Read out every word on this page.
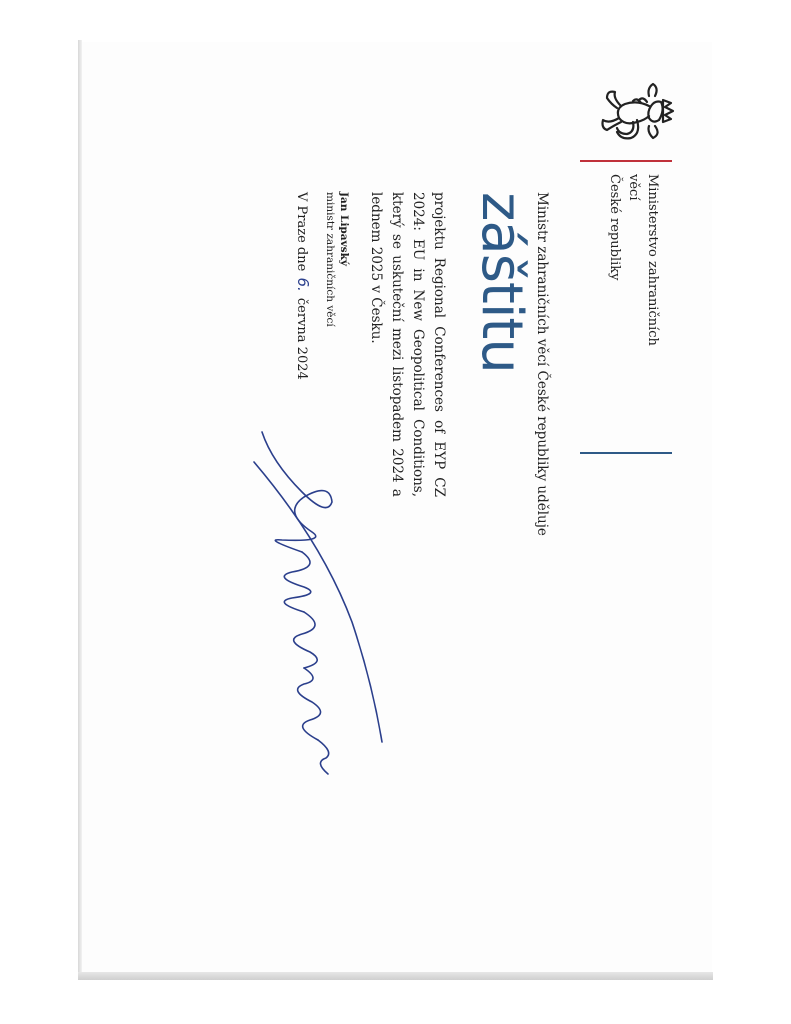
Ministerstvo zahraničních věcí
České republiky
Ministr zahraničních věcí České republiky uděluje
záštitu
projektu Regional Conferences of EYP CZ 2024: EU in New Geopolitical Conditions, který se uskuteční mezi listopadem 2024 a lednem 2025 v Česku.
Jan Lipavský
ministr zahraničních věcí
V Praze dne 6. června 2024
